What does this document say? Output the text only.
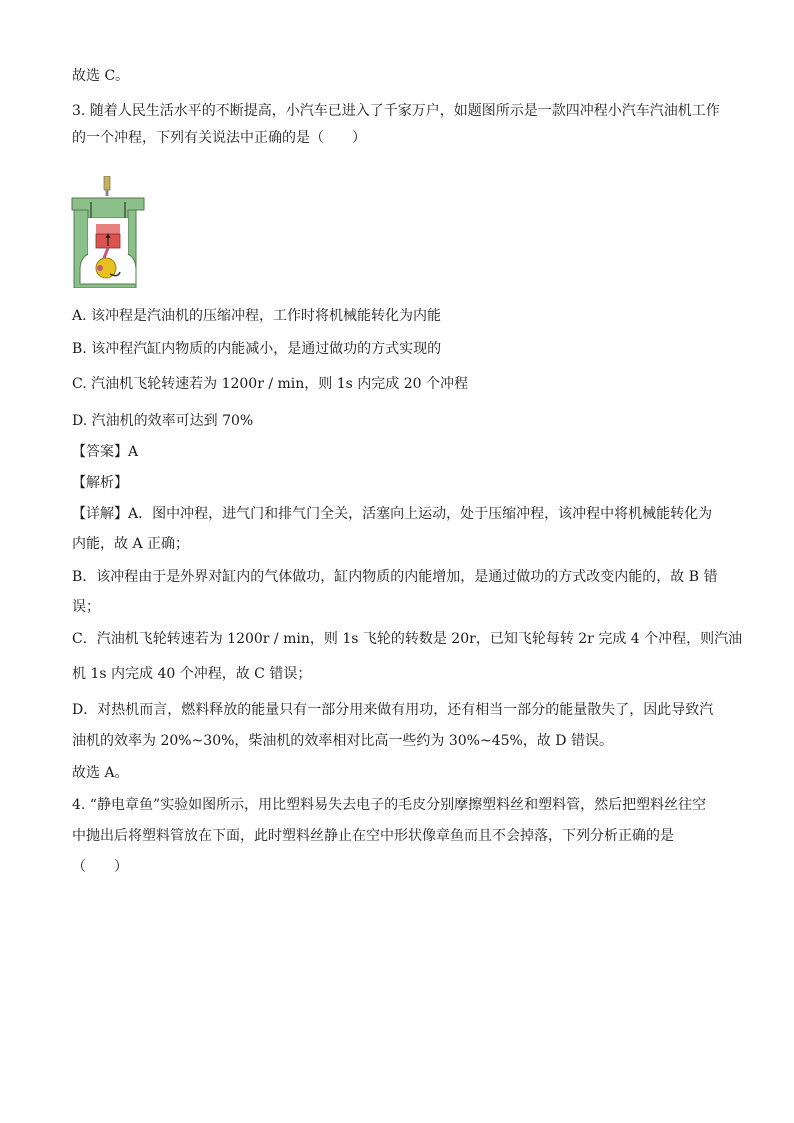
故选 C。
3. 随着人民生活水平的不断提高，小汽车已进入了千家万户，如题图所示是一款四冲程小汽车汽油机工作
的一个冲程，下列有关说法中正确的是（　　）
A. 该冲程是汽油机的压缩冲程，工作时将机械能转化为内能
B. 该冲程汽缸内物质的内能减小，是通过做功的方式实现的
C. 汽油机飞轮转速若为 1200r / min，则 1s 内完成 20 个冲程
D. 汽油机的效率可达到 70%
【答案】A
【解析】
【详解】A．图中冲程，进气门和排气门全关，活塞向上运动，处于压缩冲程，该冲程中将机械能转化为
内能，故 A 正确；
B．该冲程由于是外界对缸内的气体做功，缸内物质的内能增加，是通过做功的方式改变内能的，故 B 错
误；
C．汽油机飞轮转速若为 1200r / min，则 1s 飞轮的转数是 20r，已知飞轮每转 2r 完成 4 个冲程，则汽油
机 1s 内完成 40 个冲程，故 C 错误；
D．对热机而言，燃料释放的能量只有一部分用来做有用功，还有相当一部分的能量散失了，因此导致汽
油机的效率为 20%~30%，柴油机的效率相对比高一些约为 30%~45%，故 D 错误。
故选 A。
4. “静电章鱼”实验如图所示，用比塑料易失去电子的毛皮分别摩擦塑料丝和塑料管，然后把塑料丝往空
中抛出后将塑料管放在下面，此时塑料丝静止在空中形状像章鱼而且不会掉落，下列分析正确的是
（　　）
